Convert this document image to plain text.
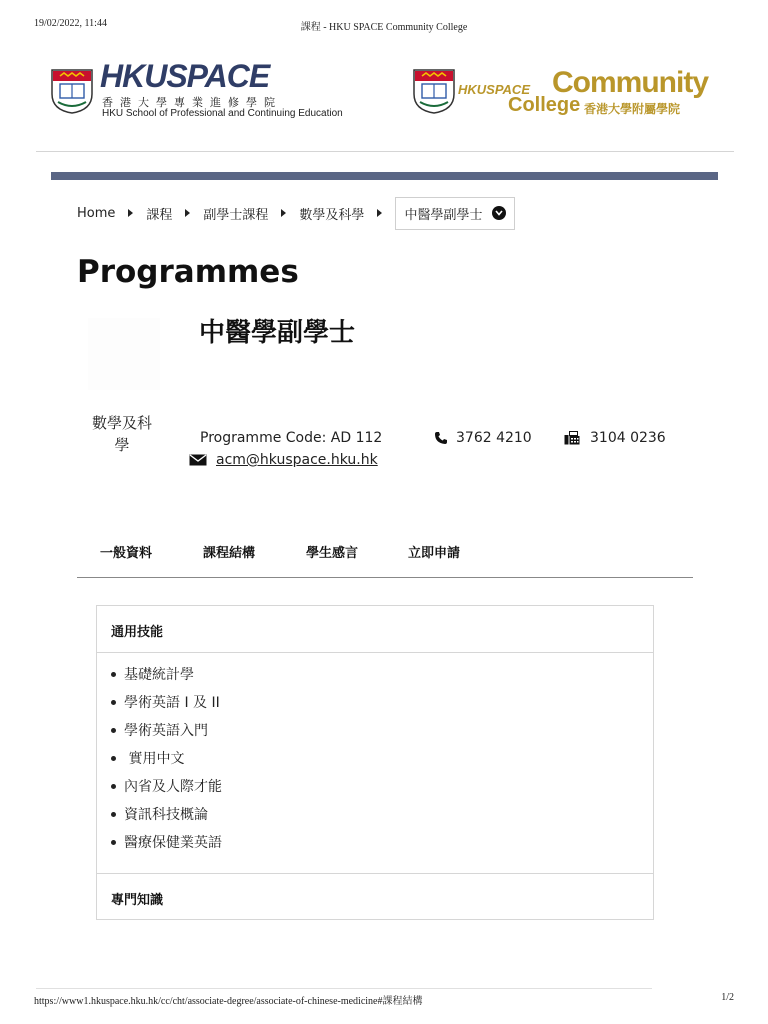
19/02/2022, 11:44	課程 - HKU SPACE Community College
HKUSPACE
香港大學專業進修學院
HKU School of Professional and Continuing Education
HKUSPACE Community
College 香港大學附屬學院
Home 課程 副學士課程 數學及科學	中醫學副學士
Programmes
數學及科學
中醫學副學士
Programme Code: AD 112	3762 4210	3104 0236
acm@hkuspace.hku.hk
一般資料	課程結構	學生感言	立即申請
通用技能
基礎統計學
學術英語 I 及 II
學術英語入門
實用中文
內省及人際才能
資訊科技概論
醫療保健業英語
專門知識
https://www1.hkuspace.hku.hk/cc/cht/associate-degree/associate-of-chinese-medicine#課程結構	1/2
